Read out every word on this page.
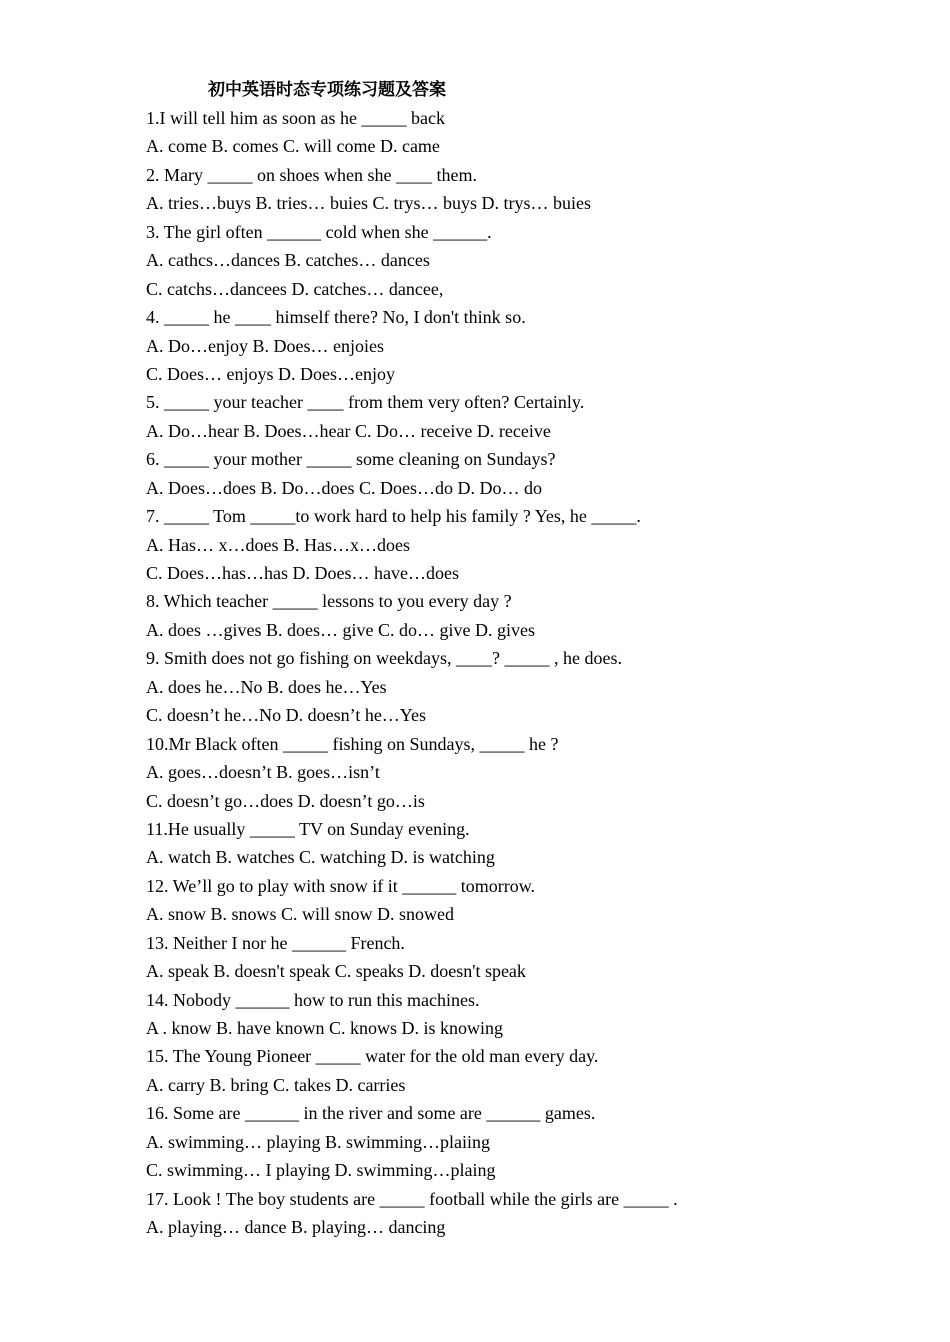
初中英语时态专项练习题及答案
1.I will tell him as soon as he _____ back
A. come B. comes C. will come D. came
2. Mary _____ on shoes when she ____ them.
A. tries…buys B. tries… buies C. trys… buys D. trys… buies
3. The girl often ______ cold when she ______.
A. cathcs…dances B. catches… dances
C. catchs…dancees D. catches… dancee,
4. _____ he ____ himself there? No, I don't think so.
A. Do…enjoy B. Does… enjoies
C. Does… enjoys D. Does…enjoy
5. _____ your teacher ____ from them very often? Certainly.
A. Do…hear B. Does…hear C. Do… receive D. receive
6. _____ your mother _____ some cleaning on Sundays?
A. Does…does B. Do…does C. Does…do D. Do… do
7. _____ Tom _____to work hard to help his family ? Yes, he _____.
A. Has… x…does B. Has…x…does
C. Does…has…has D. Does… have…does
8. Which teacher _____ lessons to you every day ?
A. does …gives B. does… give C. do… give D. gives
9. Smith does not go fishing on weekdays, ____? _____ , he does.
A. does he…No B. does he…Yes
C. doesn’t he…No D. doesn’t he…Yes
10.Mr Black often _____ fishing on Sundays, _____ he ?
A. goes…doesn’t B. goes…isn’t
C. doesn’t go…does D. doesn’t go…is
11.He usually _____ TV on Sunday evening.
A. watch B. watches C. watching D. is watching
12. We’ll go to play with snow if it ______ tomorrow.
A. snow B. snows C. will snow D. snowed
13. Neither I nor he ______ French.
A. speak B. doesn't speak C. speaks D. doesn't speak
14. Nobody ______ how to run this machines.
A . know B. have known C. knows D. is knowing
15. The Young Pioneer _____ water for the old man every day.
A. carry B. bring C. takes D. carries
16. Some are ______ in the river and some are ______ games.
A. swimming… playing B. swimming…plaiing
C. swimming… I playing D. swimming…plaing
17. Look ! The boy students are _____ football while the girls are _____ .
A. playing… dance B. playing… dancing
